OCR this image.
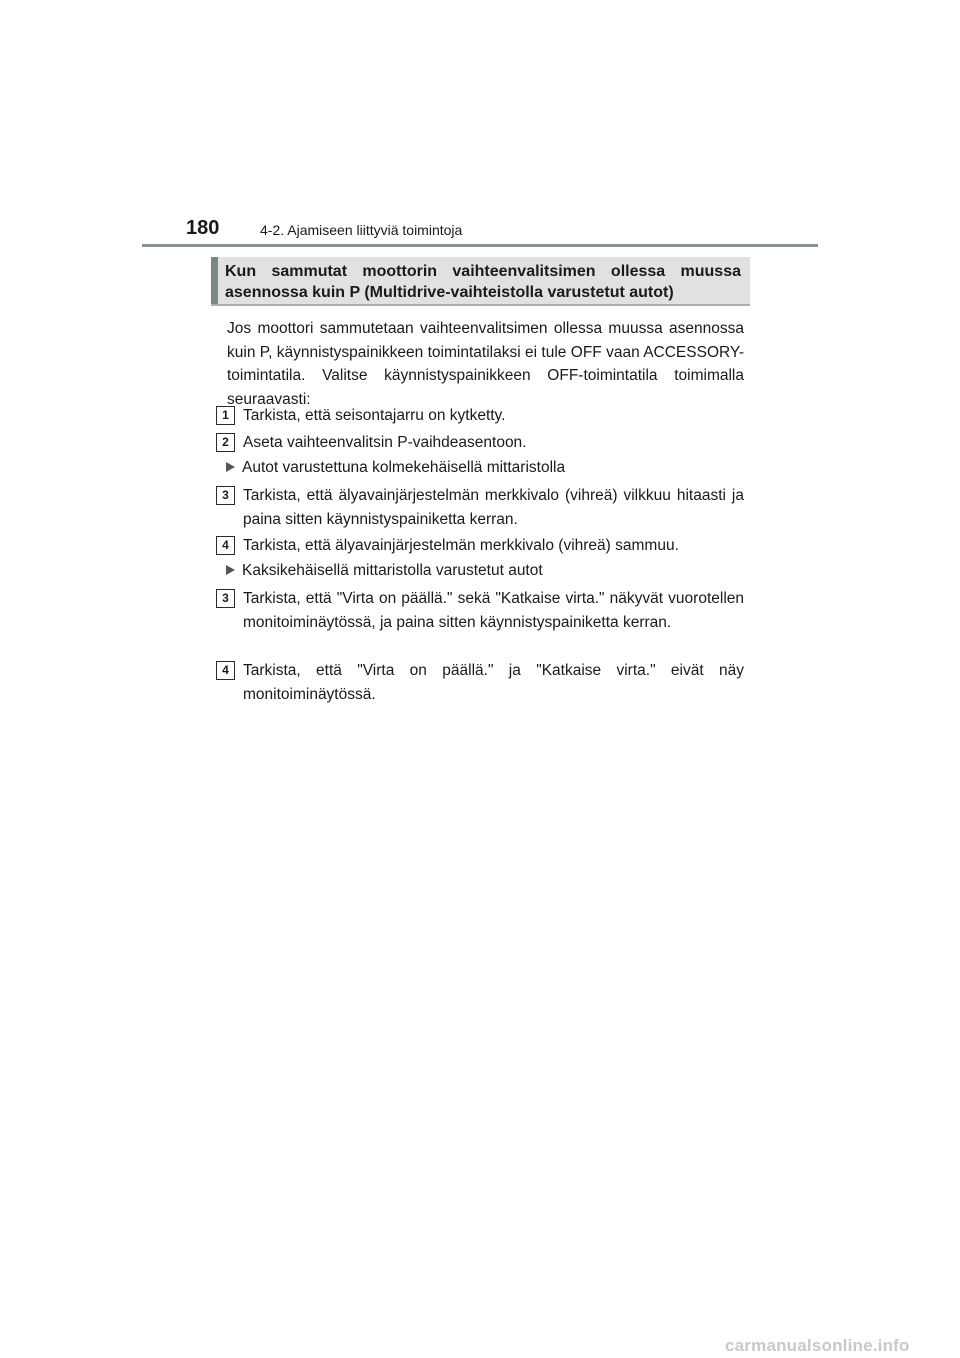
180	4-2. Ajamiseen liittyviä toimintoja
Kun sammutat moottorin vaihteenvalitsimen ollessa muussa asennossa kuin P (Multidrive-vaihteistolla varustetut autot)
Jos moottori sammutetaan vaihteenvalitsimen ollessa muussa asennossa kuin P, käynnistyspainikkeen toimintatilaksi ei tule OFF vaan ACCESSORY-toimintatila. Valitse käynnistyspainikkeen OFF-toimintatila toimimalla seuraavasti:
1 Tarkista, että seisontajarru on kytketty.
2 Aseta vaihteenvalitsin P-vaihdeasentoon.
Autot varustettuna kolmekehäisellä mittaristolla
3 Tarkista, että älyavainjärjestelmän merkkivalo (vihreä) vilkkuu hitaasti ja paina sitten käynnistyspainiketta kerran.
4 Tarkista, että älyavainjärjestelmän merkkivalo (vihreä) sammuu.
Kaksikehäisellä mittaristolla varustetut autot
3 Tarkista, että "Virta on päällä." sekä "Katkaise virta." näkyvät vuorotellen monitoiminäytössä, ja paina sitten käynnistyspainiketta kerran.
4 Tarkista, että "Virta on päällä." ja "Katkaise virta." eivät näy monitoiminäytössä.
carmanualsonline.info
